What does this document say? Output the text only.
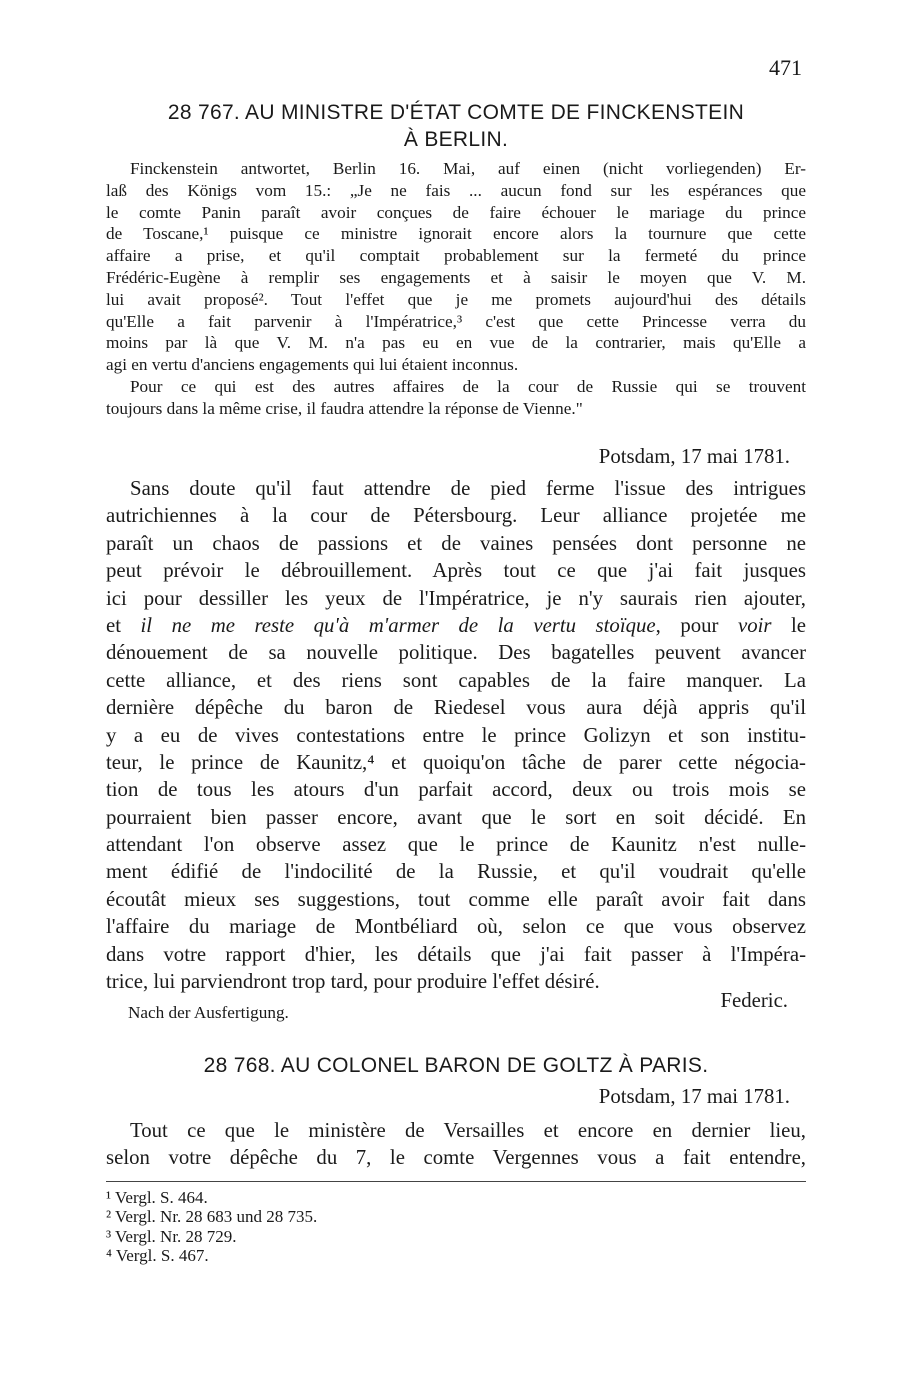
471
28 767. AU MINISTRE D'ÉTAT COMTE DE FINCKENSTEIN
À BERLIN.
Finckenstein antwortet, Berlin 16. Mai, auf einen (nicht vorliegenden) Er-
laß des Königs vom 15.: „Je ne fais ... aucun fond sur les espérances que
le comte Panin paraît avoir conçues de faire échouer le mariage du prince
de Toscane,¹ puisque ce ministre ignorait encore alors la tournure que cette
affaire a prise, et qu'il comptait probablement sur la fermeté du prince
Frédéric-Eugène à remplir ses engagements et à saisir le moyen que V. M.
lui avait proposé². Tout l'effet que je me promets aujourd'hui des détails
qu'Elle a fait parvenir à l'Impératrice,³ c'est que cette Princesse verra du
moins par là que V. M. n'a pas eu en vue de la contrarier, mais qu'Elle a
agi en vertu d'anciens engagements qui lui étaient inconnus.
Pour ce qui est des autres affaires de la cour de Russie qui se trouvent
toujours dans la même crise, il faudra attendre la réponse de Vienne."
Potsdam, 17 mai 1781.
Sans doute qu'il faut attendre de pied ferme l'issue des intrigues
autrichiennes à la cour de Pétersbourg. Leur alliance projetée me
paraît un chaos de passions et de vaines pensées dont personne ne
peut prévoir le débrouillement. Après tout ce que j'ai fait jusques
ici pour dessiller les yeux de l'Impératrice, je n'y saurais rien ajouter,
et il ne me reste qu'à m'armer de la vertu stoïque, pour voir le
dénouement de sa nouvelle politique. Des bagatelles peuvent avancer
cette alliance, et des riens sont capables de la faire manquer. La
dernière dépêche du baron de Riedesel vous aura déjà appris qu'il
y a eu de vives contestations entre le prince Golizyn et son institu-
teur, le prince de Kaunitz,⁴ et quoiqu'on tâche de parer cette négocia-
tion de tous les atours d'un parfait accord, deux ou trois mois se
pourraient bien passer encore, avant que le sort en soit décidé. En
attendant l'on observe assez que le prince de Kaunitz n'est nulle-
ment édifié de l'indocilité de la Russie, et qu'il voudrait qu'elle
écoutât mieux ses suggestions, tout comme elle paraît avoir fait dans
l'affaire du mariage de Montbéliard où, selon ce que vous observez
dans votre rapport d'hier, les détails que j'ai fait passer à l'Impéra-
trice, lui parviendront trop tard, pour produire l'effet désiré.
Federic.
Nach der Ausfertigung.
28 768. AU COLONEL BARON DE GOLTZ À PARIS.
Potsdam, 17 mai 1781.
Tout ce que le ministère de Versailles et encore en dernier lieu,
selon votre dépêche du 7, le comte Vergennes vous a fait entendre,
¹ Vergl. S. 464.
² Vergl. Nr. 28 683 und 28 735.
³ Vergl. Nr. 28 729.
⁴ Vergl. S. 467.
